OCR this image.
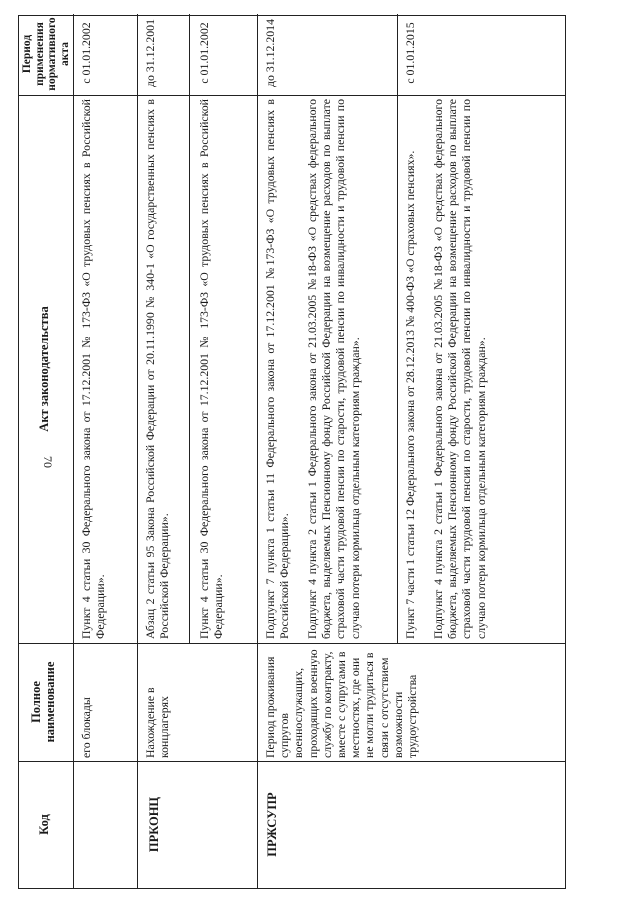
70
Код
Полное наименование
Акт законодательства
Период применения нормативного акта
его блокады
Пункт 4 статьи 30 Федерального закона от 17.12.2001 № 173-ФЗ «О трудовых пенсиях в Российской Федерации».
с 01.01.2002
ПРКОНЦ
Нахождение в концлагерях
Абзац 2 статьи 95 Закона Российской Федерации от 20.11.1990 № 340-1 «О государственных пенсиях в Российской Федерации».
до 31.12.2001
Пункт 4 статьи 30 Федерального закона от 17.12.2001 № 173-ФЗ «О трудовых пенсиях в Российской Федерации».
с 01.01.2002
ПРЖСУПР
Период проживания супругов военнослужащих, проходящих военную службу по контракту, вместе с супругами в местностях, где они не могли трудиться в связи с отсутствием возможности трудоустройства
Подпункт 7 пункта 1 статьи 11 Федерального закона от 17.12.2001 №173-ФЗ «О трудовых пенсиях в Российской Федерации». Подпункт 4 пункта 2 статьи 1 Федерального закона от 21.03.2005 №18-ФЗ «О средствах федерального бюджета, выделяемых Пенсионному фонду Российской Федерации на возмещение расходов по выплате страховой части трудовой пенсии по старости, трудовой пенсии по инвалидности и трудовой пенсии по случаю потери кормильца отдельным категориям граждан».
до 31.12.2014
Пункт 7 части 1 статьи 12 Федерального закона от 28.12.2013 № 400-ФЗ «О страховых пенсиях». Подпункт 4 пункта 2 статьи 1 Федерального закона от 21.03.2005 №18-ФЗ «О средствах федерального бюджета, выделяемых Пенсионному фонду Российской Федерации на возмещение расходов по выплате страховой части трудовой пенсии по старости, трудовой пенсии по инвалидности и трудовой пенсии по случаю потери кормильца отдельным категориям граждан».
с 01.01.2015
